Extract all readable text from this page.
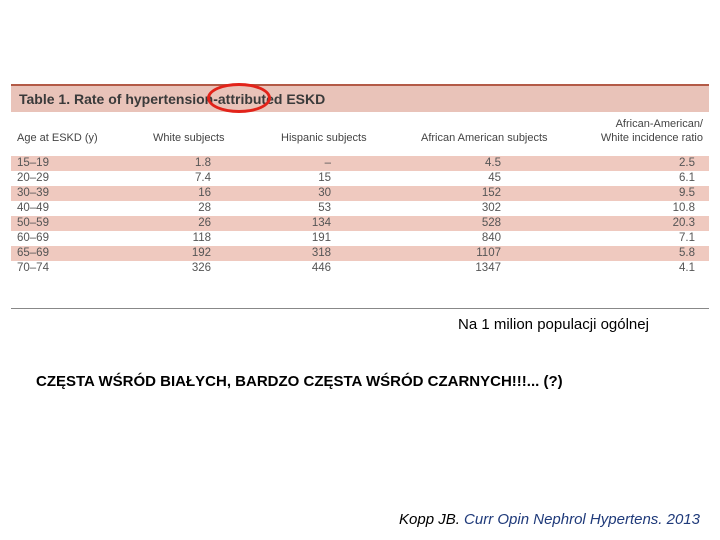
Table 1. Rate of hypertension-attributed ESKD
Age at ESKD (y)	White subjects	Hispanic subjects	African American subjects
African-American/
White incidence ratio
15–19	1.8	–	4.5	2.5
20–29	7.4	15	45	6.1
30–39	16	30	152	9.5
40–49	28	53	302	10.8
50–59	26	134	528	20.3
60–69	118	191	840	7.1
65–69	192	318	1107	5.8
70–74	326	446	1347	4.1
Na 1 milion populacji ogólnej
CZĘSTA WŚRÓD BIAŁYCH, BARDZO CZĘSTA WŚRÓD CZARNYCH!!!... (?)
Kopp JB. Curr Opin Nephrol Hypertens. 2013
